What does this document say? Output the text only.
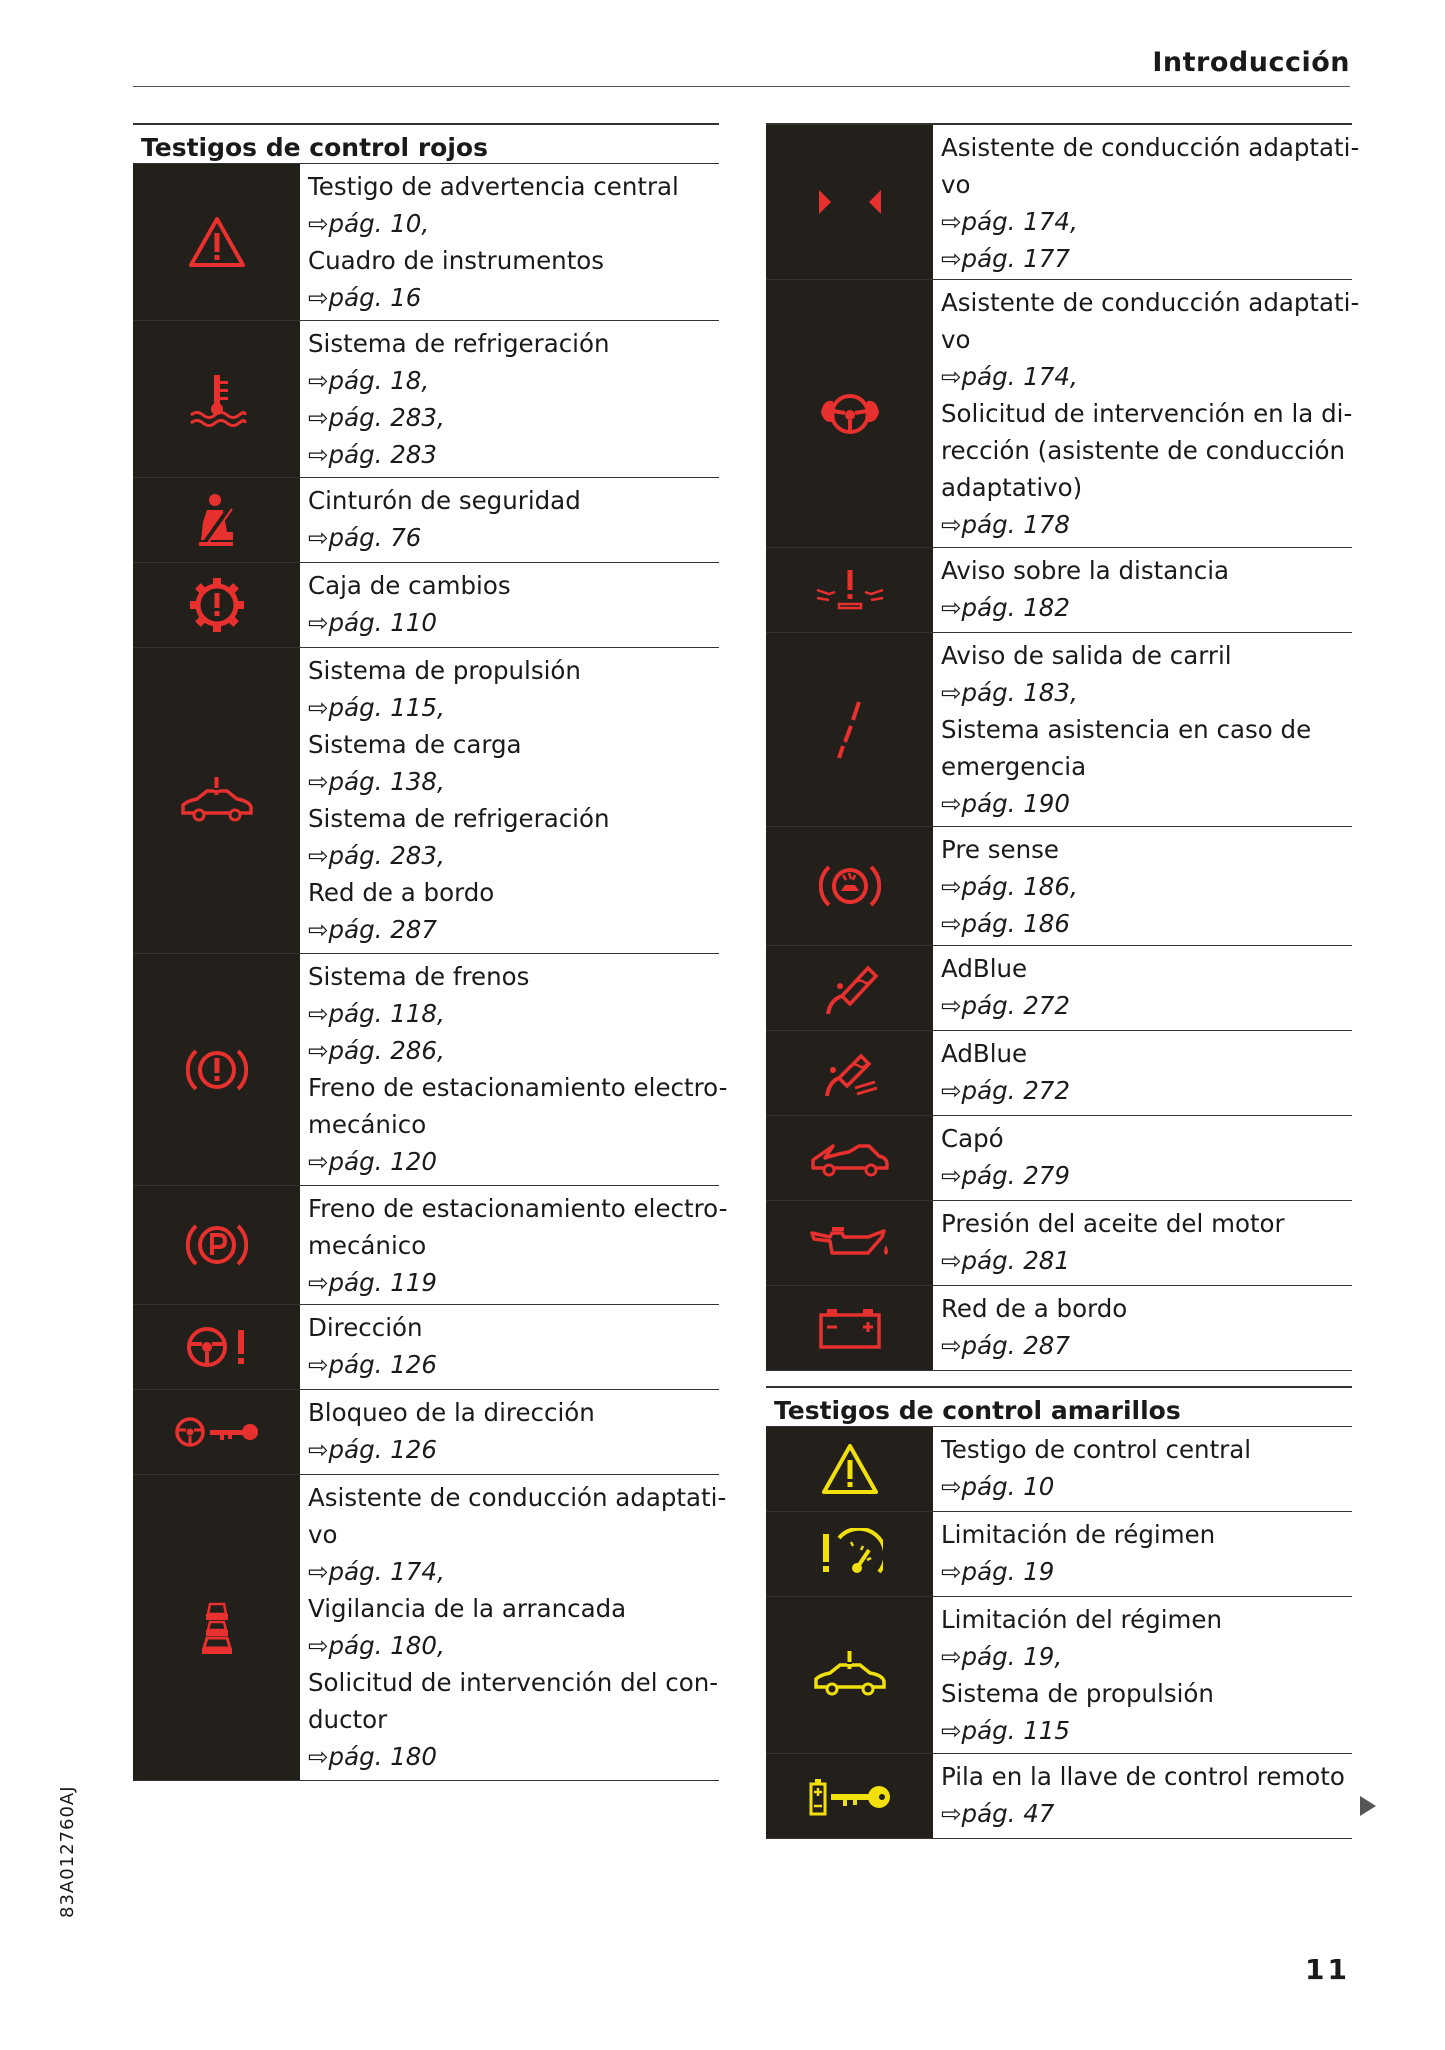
Introducción
Testigos de control rojos
Testigo de advertencia central
⇨pág. 10,
Cuadro de instrumentos
⇨pág. 16
Sistema de refrigeración
⇨pág. 18,
⇨pág. 283,
⇨pág. 283
Cinturón de seguridad
⇨pág. 76
Caja de cambios
⇨pág. 110
Sistema de propulsión
⇨pág. 115,
Sistema de carga
⇨pág. 138,
Sistema de refrigeración
⇨pág. 283,
Red de a bordo
⇨pág. 287
Sistema de frenos
⇨pág. 118,
⇨pág. 286,
Freno de estacionamiento electro-
mecánico
⇨pág. 120
Freno de estacionamiento electro-
mecánico
⇨pág. 119
Dirección
⇨pág. 126
Bloqueo de la dirección
⇨pág. 126
Asistente de conducción adaptati-
vo
⇨pág. 174,
Vigilancia de la arrancada
⇨pág. 180,
Solicitud de intervención del con-
ductor
⇨pág. 180
Asistente de conducción adaptati-
vo
⇨pág. 174,
⇨pág. 177
Asistente de conducción adaptati-
vo
⇨pág. 174,
Solicitud de intervención en la di-
rección (asistente de conducción
adaptativo)
⇨pág. 178
Aviso sobre la distancia
⇨pág. 182
Aviso de salida de carril
⇨pág. 183,
Sistema asistencia en caso de
emergencia
⇨pág. 190
Pre sense
⇨pág. 186,
⇨pág. 186
AdBlue
⇨pág. 272
AdBlue
⇨pág. 272
Capó
⇨pág. 279
Presión del aceite del motor
⇨pág. 281
Red de a bordo
⇨pág. 287
Testigos de control amarillos
Testigo de control central
⇨pág. 10
Limitación de régimen
⇨pág. 19
Limitación del régimen
⇨pág. 19,
Sistema de propulsión
⇨pág. 115
Pila en la llave de control remoto
⇨pág. 47
83A012760AJ
11
